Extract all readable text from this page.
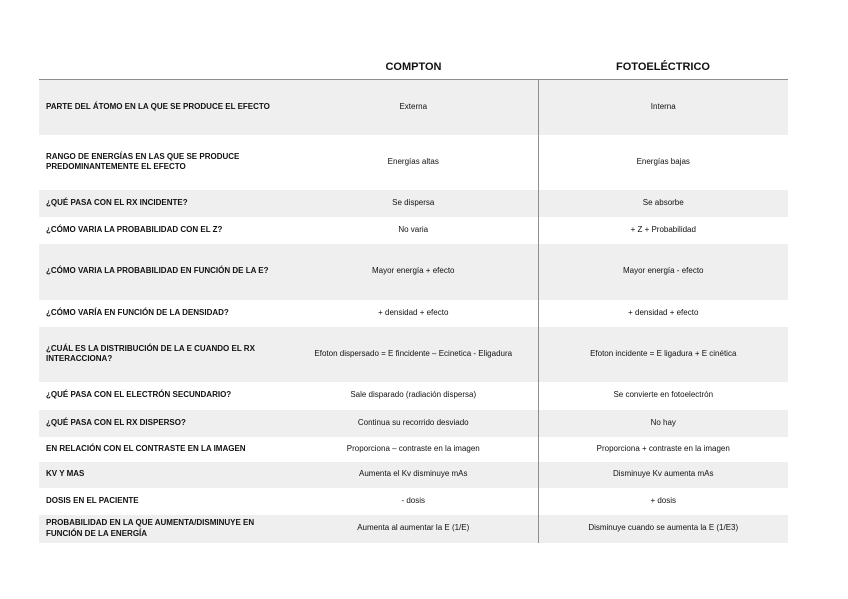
	COMPTON	FOTOELÉCTRICO
PARTE DEL ÁTOMO EN LA QUE SE PRODUCE EL EFECTO	Externa	Interna
RANGO DE ENERGÍAS EN LAS QUE SE PRODUCE PREDOMINANTEMENTE EL EFECTO	Energías altas	Energías bajas
¿QUÉ PASA CON EL RX INCIDENTE?	Se dispersa	Se absorbe
¿CÓMO VARIA LA PROBABILIDAD CON EL Z?	No varia	+ Z + Probabilidad
¿CÓMO VARIA LA PROBABILIDAD EN FUNCIÓN DE LA E?	Mayor energía + efecto	Mayor energía - efecto
¿CÓMO VARÍA EN FUNCIÓN DE LA DENSIDAD?	+ densidad + efecto	+ densidad + efecto
¿CUÁL ES LA DISTRIBUCIÓN DE LA E CUANDO EL RX INTERACCIONA?	Efoton dispersado = E fincidente – Ecinetica - Eligadura	Efoton incidente = E ligadura + E cinética
¿QUÉ PASA CON EL ELECTRÓN SECUNDARIO?	Sale disparado (radiación dispersa)	Se convierte en fotoelectrón
¿QUÉ PASA CON EL RX DISPERSO?	Continua su recorrido desviado	No hay
EN RELACIÓN CON EL CONTRASTE EN LA IMAGEN	Proporciona – contraste en la imagen	Proporciona + contraste en la imagen
KV Y MAS	Aumenta el Kv disminuye mAs	Disminuye Kv aumenta mAs
DOSIS EN EL PACIENTE	- dosis	+ dosis
PROBABILIDAD EN LA QUE AUMENTA/DISMINUYE EN FUNCIÓN DE LA ENERGÍA	Aumenta al aumentar la E (1/E)	Disminuye cuando se aumenta la E (1/E3)
